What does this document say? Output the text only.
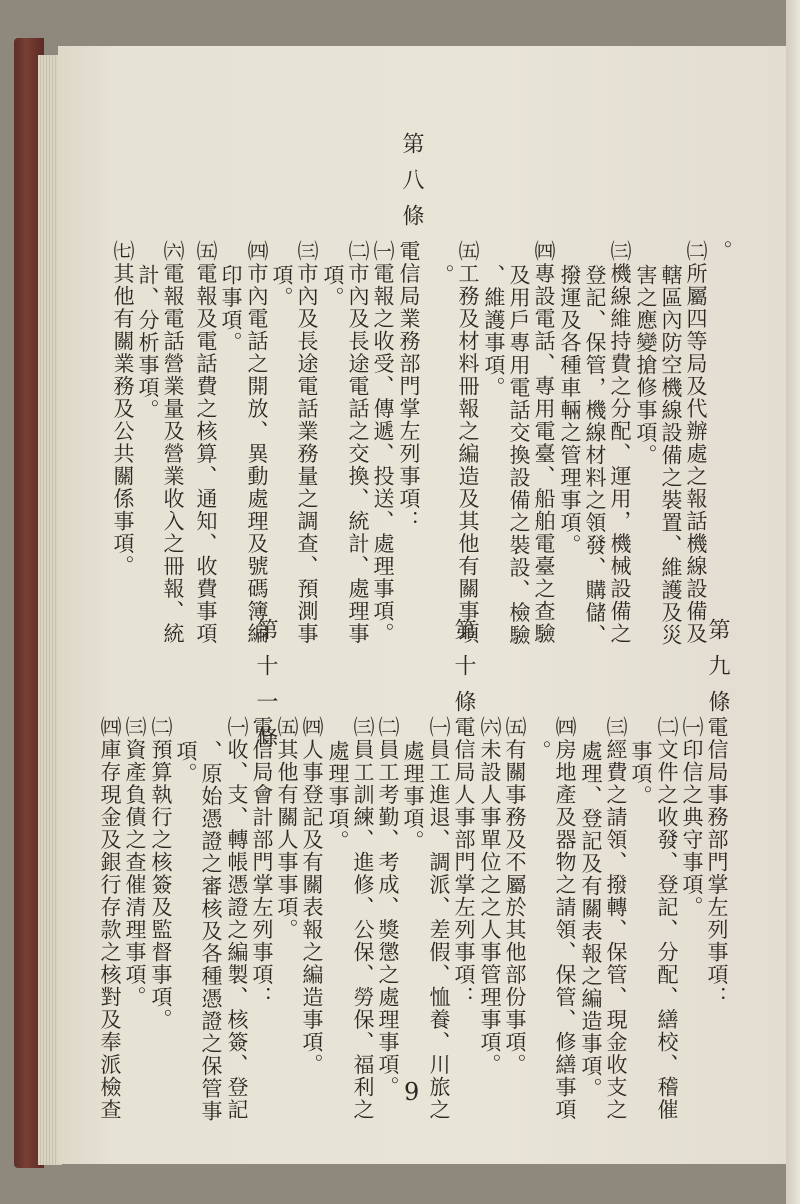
第八條
第九條
第十條
第十一條
。
㈡所屬四等局及代辦處之報話機線設備及
轄區內防空機線設備之裝置、維護及災
害之應變搶修事項。
㈢機線維持費之分配、運用，機械設備之
登記、保管，機線材料之領發、購儲、
撥運及各種車輛之管理事項。
㈣專設電話、專用電臺、船舶電臺之查驗
及用戶專用電話交換設備之裝設、檢驗
、維護事項。
㈤工務及材料冊報之編造及其他有關事項
。
電信局業務部門掌左列事項：
㈠電報之收受、傳遞、投送、處理事項。
㈡市內及長途電話之交換、統計、處理事
項。
㈢市內及長途電話業務量之調查、預測事
項。
㈣市內電話之開放、異動處理及號碼簿編
印事項。
㈤電報及電話費之核算、通知、收費事項
㈥電報電話營業量及營業收入之冊報、統
計、分析事項。
㈦其他有關業務及公共關係事項。
電信局事務部門掌左列事項：
㈠印信之典守事項。
㈡文件之收發、登記、分配、繕校、稽催
事項。
㈢經費之請領、撥轉、保管、現金收支之
處理、登記及有關表報之編造事項。
㈣房地產及器物之請領、保管、修繕事項
。
㈤有關事務及不屬於其他部份事項。
㈥未設人事單位之之人事管理事項。
電信局人事部門掌左列事項：
㈠員工進退、調派、差假、恤養、川旅之
處理事項。
㈡員工考勤、考成、獎懲之處理事項。
㈢員工訓練、進修、公保、勞保、福利之
處理事項。
㈣人事登記及有關表報之編造事項。
㈤其他有關人事事項。
電信局會計部門掌左列事項：
㈠收、支、轉帳憑證之編製、核簽、登記
、原始憑證之審核及各種憑證之保管事
項。
㈡預算執行之核簽及監督事項。
㈢資產負債之查催清理事項。
㈣庫存現金及銀行存款之核對及奉派檢查	9
